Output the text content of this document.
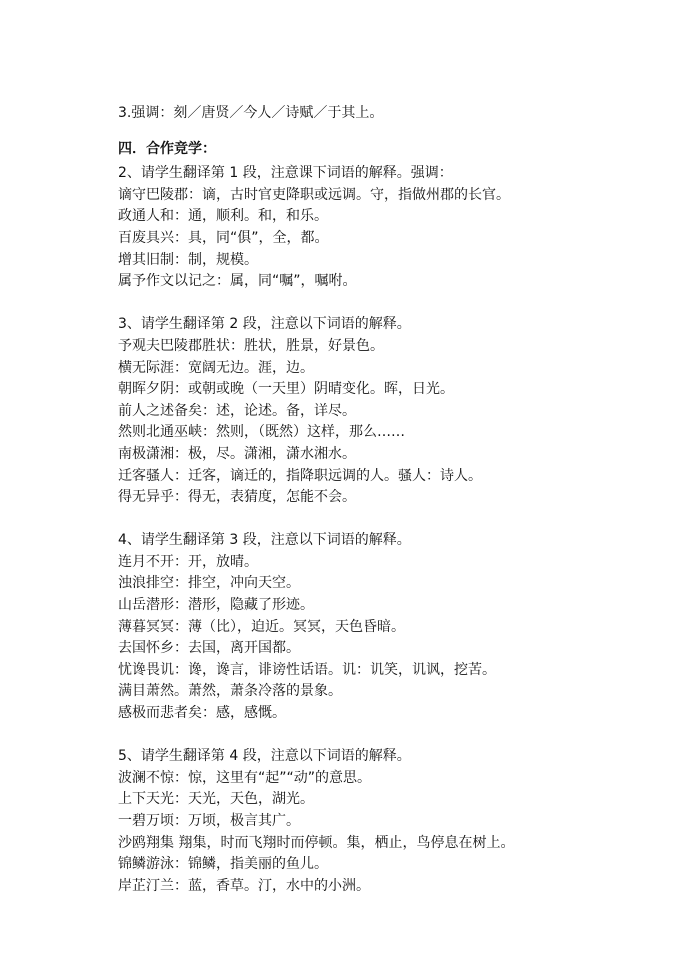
3.强调：刻／唐贤／今人／诗赋／于其上。
四．合作竞学：
2、请学生翻译第 1 段，注意课下词语的解释。强调：
谪守巴陵郡：谪，古时官吏降职或远调。守，指做州郡的长官。
政通人和：通，顺利。和，和乐。
百废具兴：具，同“俱”，全，都。
增其旧制：制，规模。
属予作文以记之：属，同“嘱”，嘱咐。
3、请学生翻译第 2 段，注意以下词语的解释。
予观夫巴陵郡胜状：胜状，胜景，好景色。
横无际涯：宽阔无边。涯，边。
朝晖夕阴：或朝或晚（一天里）阴晴变化。晖，日光。
前人之述备矣：述，论述。备，详尽。
然则北通巫峡：然则，（既然）这样，那么……
南极潇湘：极，尽。潇湘，潇水湘水。
迁客骚人：迁客，谪迁的，指降职远调的人。骚人：诗人。
得无异乎：得无，表猜度，怎能不会。
4、请学生翻译第 3 段，注意以下词语的解释。
连月不开：开，放晴。
浊浪排空：排空，冲向天空。
山岳潜形：潜形，隐藏了形迹。
薄暮冥冥：薄（比），迫近。冥冥，天色昏暗。
去国怀乡：去国，离开国都。
忧谗畏讥：谗，谗言，诽谤性话语。讥：讥笑，讥讽，挖苦。
满目萧然。萧然，萧条冷落的景象。
感极而悲者矣：感，感慨。
5、请学生翻译第 4 段，注意以下词语的解释。
波澜不惊：惊，这里有“起”“动”的意思。
上下天光：天光，天色，湖光。
一碧万顷：万顷，极言其广。
沙鸥翔集 翔集，时而飞翔时而停顿。集，栖止，鸟停息在树上。
锦鳞游泳：锦鳞，指美丽的鱼儿。
岸芷汀兰：蓝，香草。汀，水中的小洲。
